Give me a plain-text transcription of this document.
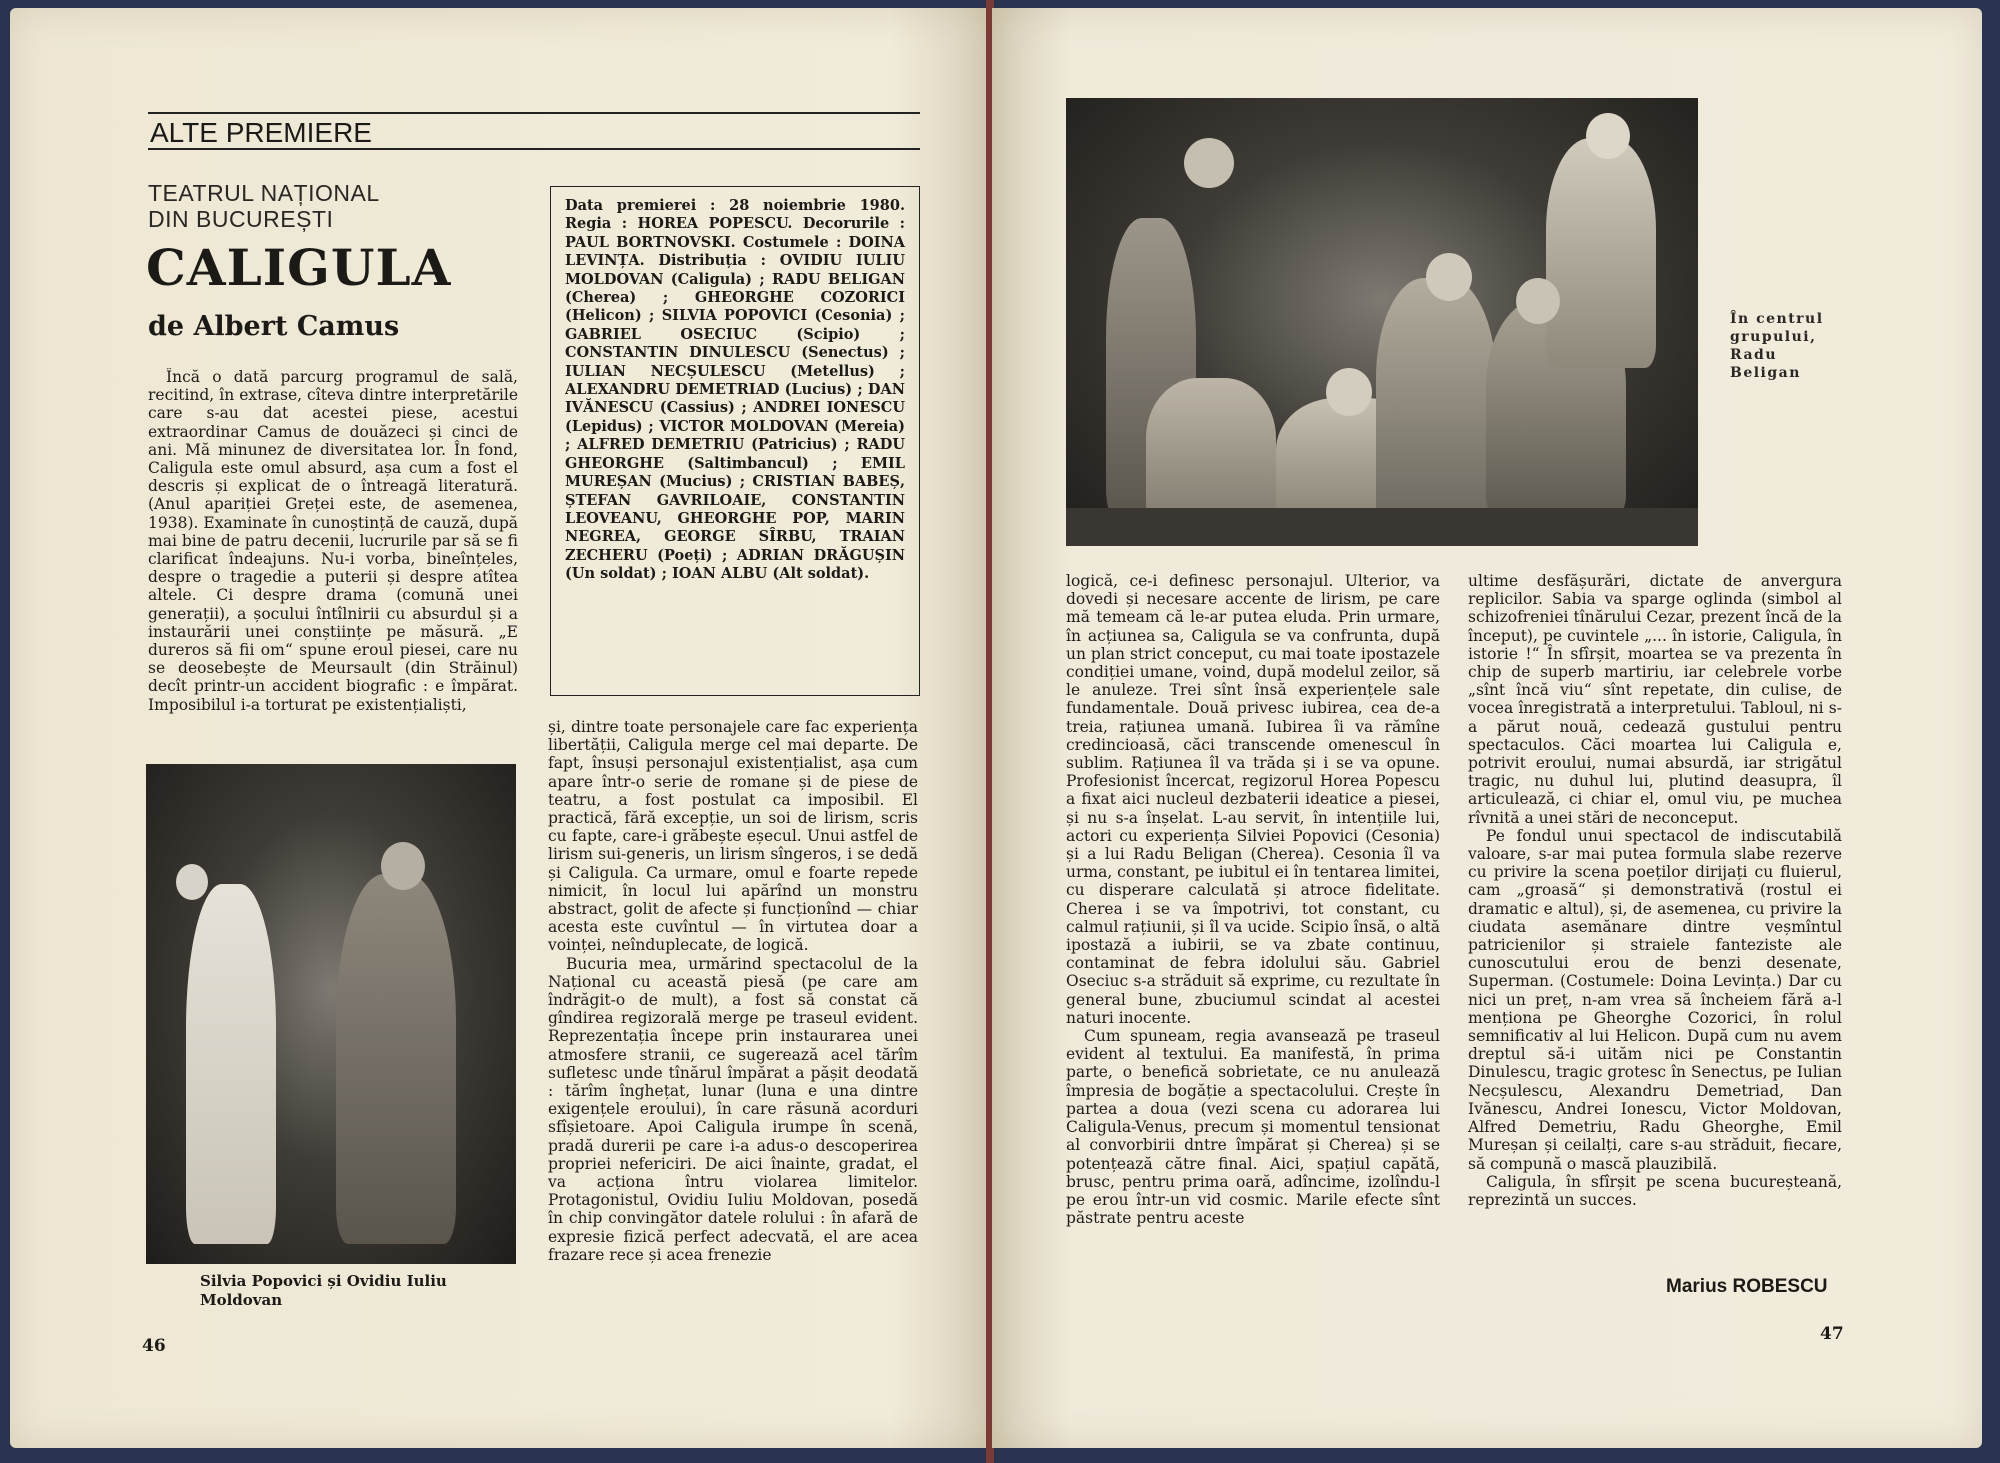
ALTE PREMIERE
TEATRUL NAȚIONAL DIN BUCUREȘTI
CALIGULA
de Albert Camus

Încă o dată parcurg programul de sală, recitind, în extrase, cîteva dintre interpretările care s-au dat acestei piese, acestui extraordinar Camus de douăzeci și cinci de ani. Mă minunez de diversitatea lor. În fond, Caligula este omul absurd, așa cum a fost el descris și explicat de o întreagă literatură. (Anul apariției Greței este, de asemenea, 1938). Examinate în cunoștință de cauză, după mai bine de patru decenii, lucrurile par să se fi clarificat îndeajuns. Nu-i vorba, bineînțeles, despre o tragedie a puterii și despre atîtea altele. Ci despre drama (comună unei generații), a șocului întîlnirii cu absurdul și a instaurării unei conștiințe pe măsură. „E dureros să fii om“ spune eroul piesei, care nu se deosebește de Meursault (din Străinul) decît printr-un accident biografic : e împărat. Imposibilul i-a torturat pe existențialiști,

Data premierei : 28 noiembrie 1980. Regia : HOREA POPESCU. Decorurile : PAUL BORTNOVSKI. Costumele : DOINA LEVINȚA. Distribuția : OVIDIU IULIU MOLDOVAN (Caligula) ; RADU BELIGAN (Cherea) ; GHEORGHE COZORICI (Helicon) ; SILVIA POPOVICI (Cesonia) ; GABRIEL OSECIUC (Scipio) ; CONSTANTIN DINULESCU (Senectus) ; IULIAN NECȘULESCU (Metellus) ; ALEXANDRU DEMETRIAD (Lucius) ; DAN IVĂNESCU (Cassius) ; ANDREI IONESCU (Lepidus) ; VICTOR MOLDOVAN (Mereia) ; ALFRED DEMETRIU (Patricius) ; RADU GHEORGHE (Saltimbancul) ; EMIL MUREȘAN (Mucius) ; CRISTIAN BABEȘ, ȘTEFAN GAVRILOAIE, CONSTANTIN LEOVEANU, GHEORGHE POP, MARIN NEGREA, GEORGE SÎRBU, TRAIAN ZECHERU (Poeți) ; ADRIAN DRĂGUȘIN (Un soldat) ; IOAN ALBU (Alt soldat).
Silvia Popovici și Ovidiu Iuliu Moldovan

și, dintre toate personajele care fac experiența libertății, Caligula merge cel mai departe. De fapt, însuși personajul existențialist, așa cum apare într-o serie de romane și de piese de teatru, a fost postulat ca imposibil. El practică, fără excepție, un soi de lirism, scris cu fapte, care-i grăbește eșecul. Unui astfel de lirism sui-generis, un lirism sîngeros, i se dedă și Caligula. Ca urmare, omul e foarte repede nimicit, în locul lui apărînd un monstru abstract, golit de afecte și funcționînd — chiar acesta este cuvîntul — în virtutea doar a voinței, neînduplecate, de logică.

Bucuria mea, urmărind spectacolul de la Național cu această piesă (pe care am îndrăgit-o de mult), a fost să constat că gîndirea regizorală merge pe traseul evident. Reprezentația începe prin instaurarea unei atmosfere stranii, ce sugerează acel tărîm sufletesc unde tînărul împărat a pășit deodată : tărîm înghețat, lunar (luna e una dintre exigențele eroului), în care răsună acorduri sfîșietoare. Apoi Caligula irumpe în scenă, pradă durerii pe care i-a adus-o descoperirea propriei nefericiri. De aici înainte, gradat, el va acționa întru violarea limitelor. Protagonistul, Ovidiu Iuliu Moldovan, posedă în chip convingător datele rolului : în afară de expresie fizică perfect adecvată, el are acea frazare rece și acea frenezie

46
În centrul grupului, Radu Beligan

logică, ce-i definesc personajul. Ulterior, va dovedi și necesare accente de lirism, pe care mă temeam că le-ar putea eluda. Prin urmare, în acțiunea sa, Caligula se va confrunta, după un plan strict conceput, cu mai toate ipostazele condiției umane, voind, după modelul zeilor, să le anuleze. Trei sînt însă experiențele sale fundamentale. Două privesc iubirea, cea de-a treia, rațiunea umană. Iubirea îi va rămîne credincioasă, căci transcende omenescul în sublim. Rațiunea îl va trăda și i se va opune. Profesionist încercat, regizorul Horea Popescu a fixat aici nucleul dezbaterii ideatice a piesei, și nu s-a înșelat. L-au servit, în intențiile lui, actori cu experiența Silviei Popovici (Cesonia) și a lui Radu Beligan (Cherea). Cesonia îl va urma, constant, pe iubitul ei în tentarea limitei, cu disperare calculată și atroce fidelitate. Cherea i se va împotrivi, tot constant, cu calmul rațiunii, și îl va ucide. Scipio însă, o altă ipostază a iubirii, se va zbate continuu, contaminat de febra idolului său. Gabriel Oseciuc s-a străduit să exprime, cu rezultate în general bune, zbuciumul scindat al acestei naturi inocente.

Cum spuneam, regia avansează pe traseul evident al textului. Ea manifestă, în prima parte, o benefică sobrietate, ce nu anulează împresia de bogăție a spectacolului. Crește în partea a doua (vezi scena cu adorarea lui Caligula-Venus, precum și momentul tensionat al convorbirii dntre împărat și Cherea) și se potențează către final. Aici, spațiul capătă, brusc, pentru prima oară, adîncime, izolîndu-l pe erou într-un vid cosmic. Marile efecte sînt păstrate pentru aceste

ultime desfășurări, dictate de anvergura replicilor. Sabia va sparge oglinda (simbol al schizofreniei tînărului Cezar, prezent încă de la început), pe cuvintele „... în istorie, Caligula, în istorie !“ În sfîrșit, moartea se va prezenta în chip de superb martiriu, iar celebrele vorbe „sînt încă viu“ sînt repetate, din culise, de vocea înregistrată a interpretului. Tabloul, ni s-a părut nouă, cedează gustului pentru spectaculos. Căci moartea lui Caligula e, potrivit eroului, numai absurdă, iar strigătul tragic, nu duhul lui, plutind deasupra, îl articulează, ci chiar el, omul viu, pe muchea rîvnită a unei stări de neconceput.

Pe fondul unui spectacol de indiscutabilă valoare, s-ar mai putea formula slabe rezerve cu privire la scena poeților dirijați cu fluierul, cam „groasă“ și demonstrativă (rostul ei dramatic e altul), și, de asemenea, cu privire la ciudata asemănare dintre veșmîntul patricienilor și straiele fanteziste ale cunoscutului erou de benzi desenate, Superman. (Costumele: Doina Levința.) Dar cu nici un preț, n-am vrea să încheiem fără a-l menționa pe Gheorghe Cozorici, în rolul semnificativ al lui Helicon. După cum nu avem dreptul să-i uităm nici pe Constantin Dinulescu, tragic grotesc în Senectus, pe Iulian Necșulescu, Alexandru Demetriad, Dan Ivănescu, Andrei Ionescu, Victor Moldovan, Alfred Demetriu, Radu Gheorghe, Emil Mureșan și ceilalți, care s-au străduit, fiecare, să compună o mască plauzibilă.

Caligula, în sfîrșit pe scena bucureșteană, reprezintă un succes.

Marius ROBESCU
47
